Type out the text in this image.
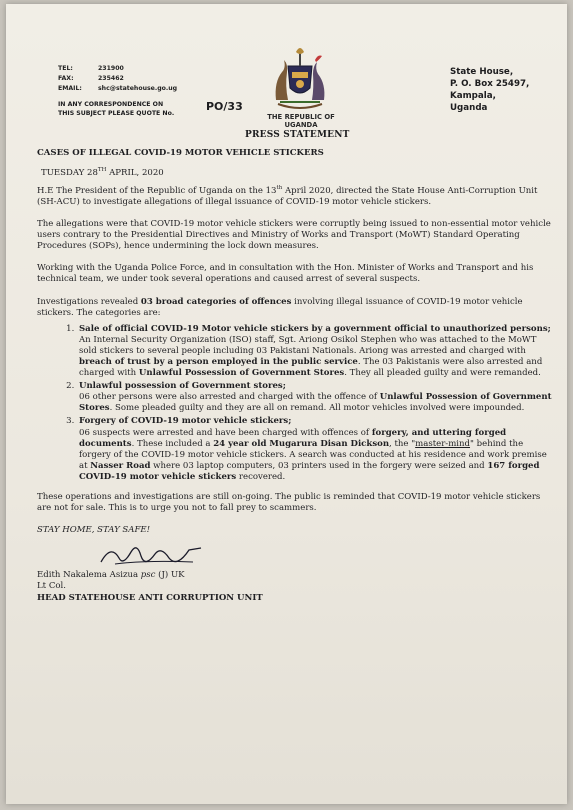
TEL:	231900
FAX:	235462
EMAIL:	shc@statehouse.go.ug
IN ANY CORRESPONDENCE ON
THIS SUBJECT PLEASE QUOTE No.
PO/33
THE REPUBLIC OF UGANDA
State House,
P. O. Box 25497,
Kampala,
Uganda
PRESS STATEMENT

CASES OF ILLEGAL COVID-19 MOTOR VEHICLE STICKERS

TUESDAY 28TH APRIL, 2020

H.E The President of the Republic of Uganda on the 13th April 2020, directed the State House Anti-Corruption Unit (SH-ACU) to investigate allegations of illegal issuance of COVID-19 motor vehicle stickers.

The allegations were that COVID-19 motor vehicle stickers were corruptly being issued to non-essential motor vehicle users contrary to the Presidential Directives and Ministry of Works and Transport (MoWT) Standard Operating Procedures (SOPs), hence undermining the lock down measures.

Working with the Uganda Police Force, and in consultation with the Hon. Minister of Works and Transport and his technical team, we under took several operations and caused arrest of several suspects.

Investigations revealed 03 broad categories of offences involving illegal issuance of COVID-19 motor vehicle stickers. The categories are:

1. Sale of official COVID-19 Motor vehicle stickers by a government official to unauthorized persons;
An Internal Security Organization (ISO) staff, Sgt. Ariong Osikol Stephen who was attached to the MoWT sold stickers to several people including 03 Pakistani Nationals. Ariong was arrested and charged with breach of trust by a person employed in the public service. The 03 Pakistanis were also arrested and charged with Unlawful Possession of Government Stores. They all pleaded guilty and were remanded.
2. Unlawful possession of Government stores;
06 other persons were also arrested and charged with the offence of Unlawful Possession of Government Stores. Some pleaded guilty and they are all on remand. All motor vehicles involved were impounded.
3. Forgery of COVID-19 motor vehicle stickers;
06 suspects were arrested and have been charged with offences of forgery, and uttering forged documents. These included a 24 year old Mugarura Disan Dickson, the "master-mind" behind the forgery of the COVID-19 motor vehicle stickers. A search was conducted at his residence and work premise at Nasser Road where 03 laptop computers, 03 printers used in the forgery were seized and 167 forged COVID-19 motor vehicle stickers recovered.

These operations and investigations are still on-going. The public is reminded that COVID-19 motor vehicle stickers are not for sale. This is to urge you not to fall prey to scammers.

STAY HOME, STAY SAFE!

Edith Nakalema Asizua psc (J) UK

Lt Col.

HEAD STATEHOUSE ANTI CORRUPTION UNIT
